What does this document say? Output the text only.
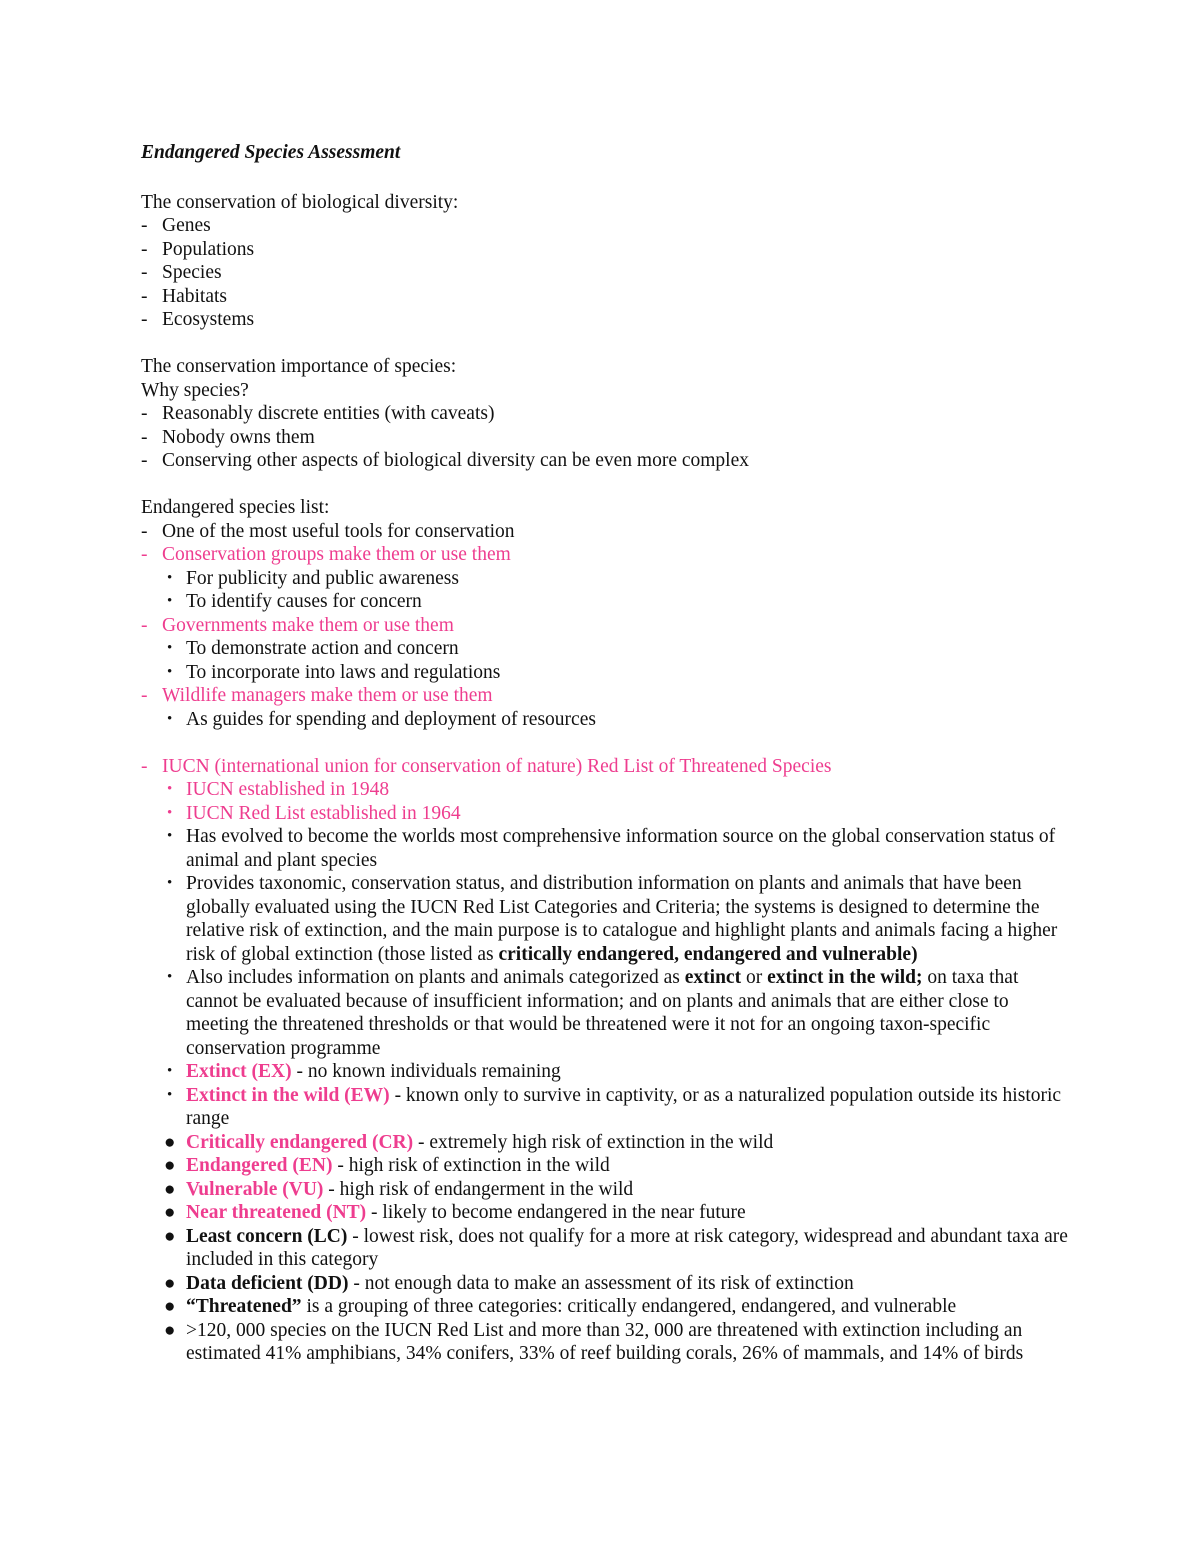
Endangered Species Assessment

The conservation of biological diversity:

- Genes
- Populations
- Species
- Habitats
- Ecosystems

The conservation importance of species:

Why species?

- Reasonably discrete entities (with caveats)
- Nobody owns them
- Conserving other aspects of biological diversity can be even more complex

Endangered species list:

- One of the most useful tools for conservation
- Conservation groups make them or use them
• For publicity and public awareness
• To identify causes for concern
- Governments make them or use them
• To demonstrate action and concern
• To incorporate into laws and regulations
- Wildlife managers make them or use them
• As guides for spending and deployment of resources
- IUCN (international union for conservation of nature) Red List of Threatened Species
• IUCN established in 1948
• IUCN Red List established in 1964
• Has evolved to become the worlds most comprehensive information source on the global conservation status of animal and plant species
• Provides taxonomic, conservation status, and distribution information on plants and animals that have been globally evaluated using the IUCN Red List Categories and Criteria; the systems is designed to determine the relative risk of extinction, and the main purpose is to catalogue and highlight plants and animals facing a higher risk of global extinction (those listed as critically endangered, endangered and vulnerable)
• Also includes information on plants and animals categorized as extinct or extinct in the wild; on taxa that cannot be evaluated because of insufficient information; and on plants and animals that are either close to meeting the threatened thresholds or that would be threatened were it not for an ongoing taxon-specific conservation programme
• Extinct (EX) - no known individuals remaining
• Extinct in the wild (EW) - known only to survive in captivity, or as a naturalized population outside its historic range
● Critically endangered (CR) - extremely high risk of extinction in the wild
● Endangered (EN) - high risk of extinction in the wild
● Vulnerable (VU) - high risk of endangerment in the wild
● Near threatened (NT) - likely to become endangered in the near future
● Least concern (LC) - lowest risk, does not qualify for a more at risk category, widespread and abundant taxa are included in this category
● Data deficient (DD) - not enough data to make an assessment of its risk of extinction
● “Threatened” is a grouping of three categories: critically endangered, endangered, and vulnerable
● >120, 000 species on the IUCN Red List and more than 32, 000 are threatened with extinction including an estimated 41% amphibians, 34% conifers, 33% of reef building corals, 26% of mammals, and 14% of birds
